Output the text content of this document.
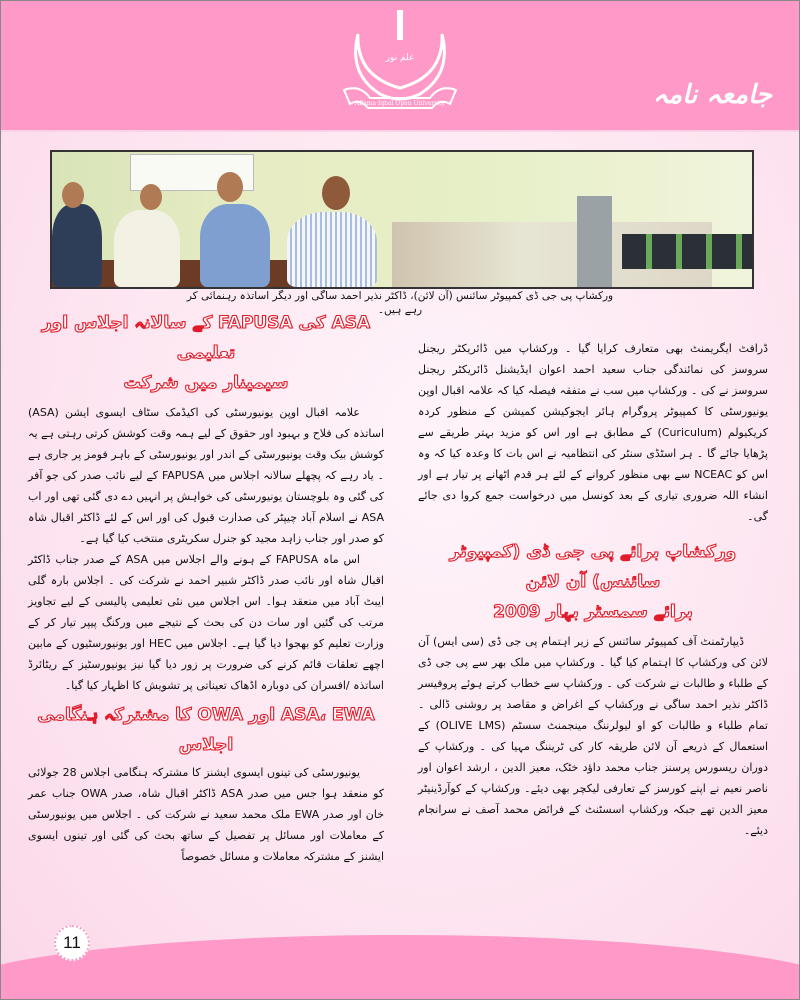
Allama Iqbal Open University
علم نور
جامعہ نامہ
ورکشاپ پی جی ڈی کمپیوٹر سائنس (آن لائن)، ڈاکٹر نذیر احمد ساگی اور دیگر اساتذہ رہنمائی کر رہے ہیں۔
ASA کی FAPUSA کے سالانہ اجلاس اور تعلیمی
سیمینار میں شرکت

علامہ اقبال اوپن یونیورسٹی کی اکیڈمک سٹاف ایسوی ایشن (ASA) اساتذہ کی فلاح و بہبود اور حقوق کے لیے ہمہ وقت کوشش کرتی رہتی ہے یہ کوشش بیک وقت یونیورسٹی کے اندر اور یونیورسٹی کے باہر فومز پر جاری ہے ۔ یاد رہے کہ پچھلے سالانہ اجلاس میں FAPUSA کے لیے نائب صدر کی جو آفر کی گئی وہ بلوچستان یونیورسٹی کی خواہش پر انہیں دے دی گئی تھی اور اب ASA نے اسلام آباد چیپٹر کی صدارت قبول کی اور اس کے لئے ڈاکٹر اقبال شاہ کو صدر اور جناب زاہد مجید کو جنرل سکریٹری منتخب کیا گیا ہے۔

اس ماہ FAPUSA کے ہونے والے اجلاس میں ASA کے صدر جناب ڈاکٹر اقبال شاہ اور نائب صدر ڈاکٹر شبیر احمد نے شرکت کی ۔ اجلاس بارہ گلی ایبٹ آباد میں منعقد ہوا۔ اس اجلاس میں نئی تعلیمی پالیسی کے لیے تجاویز مرتب کی گئیں اور سات دن کی بحث کے نتیجے میں ورکنگ پیپر تیار کر کے وزارت تعلیم کو بھجوا دیا گیا ہے۔ اجلاس میں HEC اور یونیورسٹیوں کے مابین اچھے تعلقات قائم کرنے کی ضرورت پر زور دیا گیا نیز یونیورسٹیز کے ریٹائرڈ اساتذہ /افسران کی دوبارہ اڈھاک تعیناتی پر تشویش کا اظہار کیا گیا۔

ASA، EWA اور OWA کا مشترکہ ہنگامی اجلاس

یونیورسٹی کی تینوں ایسوی ایشنز کا مشترکہ ہنگامی اجلاس 28 جولائی کو منعقد ہوا جس میں صدر ASA ڈاکٹر اقبال شاہ، صدر OWA جناب عمر خان اور صدر EWA ملک محمد سعید نے شرکت کی ۔ اجلاس میں یونیورسٹی کے معاملات اور مسائل پر تفصیل کے ساتھ بحث کی گئی اور تینوں ایسوی ایشنز کے مشترکہ معاملات و مسائل خصوصاً

ڈرافٹ ایگریمنٹ بھی متعارف کرایا گیا ۔ ورکشاپ میں ڈائریکٹر ریجنل سروسز کی نمائندگی جناب سعید احمد اعوان ایڈیشنل ڈائریکٹر ریجنل سروسز نے کی ۔ ورکشاپ میں سب نے متفقہ فیصلہ کیا کہ علامہ اقبال اوپن یونیورسٹی کا کمپیوٹر پروگرام ہائر ایجوکیشن کمیشن کے منظور کردہ کریکیولم (Curiculum) کے مطابق ہے اور اس کو مزید بہتر طریقے سے پڑھایا جائے گا ۔ ہر اسٹڈی سنٹر کی انتظامیہ نے اس بات کا وعدہ کیا کہ وہ اس کو NCEAC سے بھی منظور کروانے کے لئے ہر قدم اٹھانے پر تیار ہے اور انشاء اللہ ضروری تیاری کے بعد کونسل میں درخواست جمع کروا دی جائے گی۔

ورکشاپ برائے پی جی ڈی (کمپیوٹر سائنس) آن لائن
برائے سمسٹر بہار 2009

ڈیپارٹمنٹ آف کمپیوٹر سائنس کے زیر اہتمام پی جی ڈی (سی ایس) آن لائن کی ورکشاپ کا اہتمام کیا گیا ۔ ورکشاپ میں ملک بھر سے پی جی ڈی کے طلباء و طالبات نے شرکت کی ۔ ورکشاپ سے خطاب کرتے ہوئے پروفیسر ڈاکٹر نذیر احمد ساگی نے ورکشاپ کے اغراض و مقاصد پر روشنی ڈالی ۔ تمام طلباء و طالبات کو او لیولرننگ مینجمنٹ سسٹم (OLIVE LMS) کے استعمال کے ذریعے آن لائن طریقہ کار کی ٹریننگ مہیا کی ۔ ورکشاپ کے دوران ریسورس پرسنز جناب محمد داؤد خٹک، معیز الدین ، ارشد اعوان اور ناصر نعیم نے اپنے کورسز کے تعارفی لیکچر بھی دیئے۔ ورکشاپ کے کوآرڈینیٹر معیز الدین تھے جبکہ ورکشاپ اسسٹنٹ کے فرائض محمد آصف نے سرانجام دیئے۔

11
